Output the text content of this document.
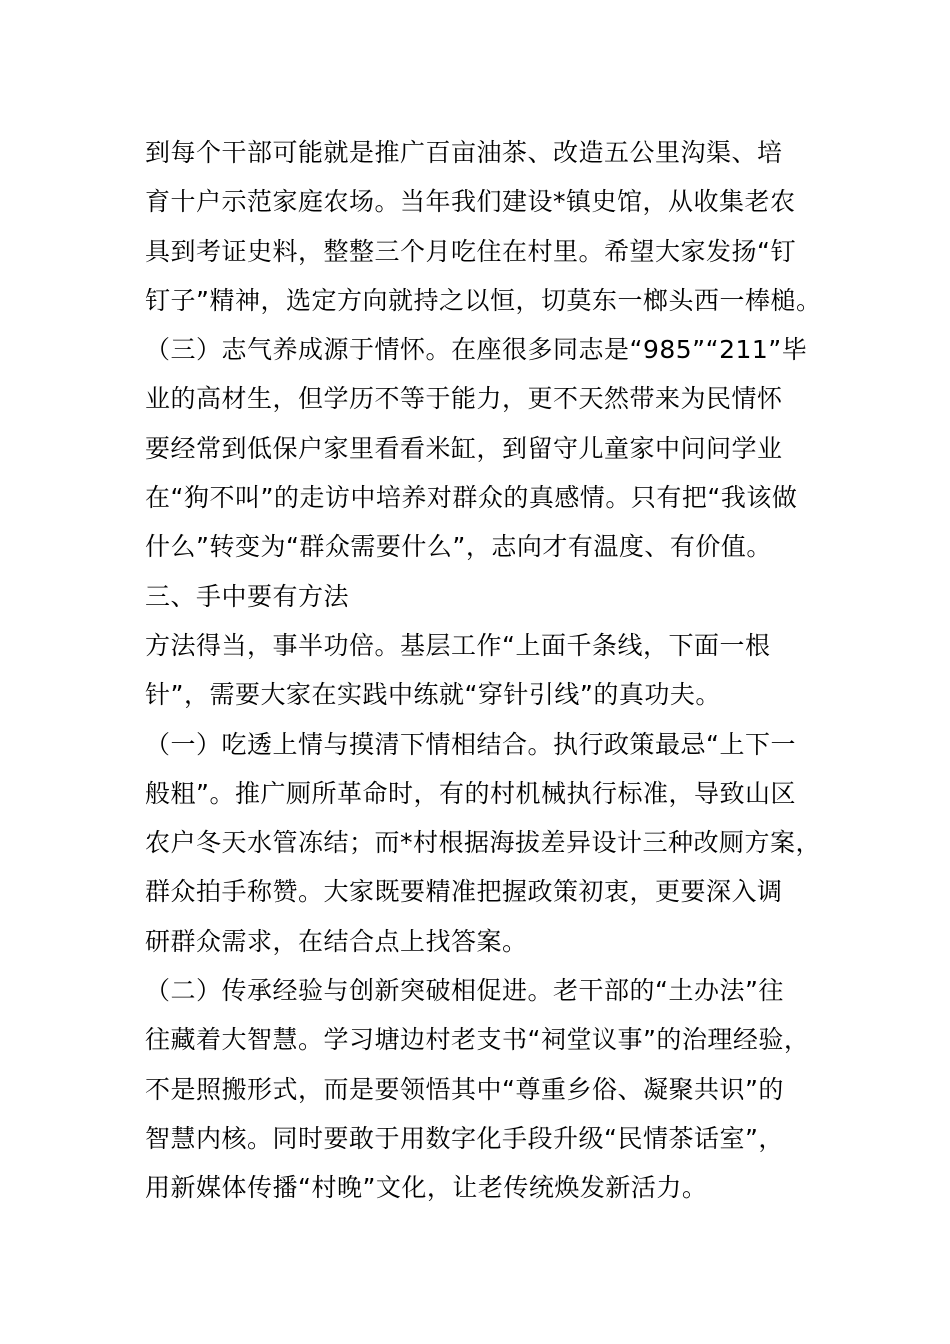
到每个干部可能就是推广百亩油茶、改造五公里沟渠、培
育十户示范家庭农场。当年我们建设*镇史馆，从收集老农
具到考证史料，整整三个月吃住在村里。希望大家发扬“钉
钉子”精神，选定方向就持之以恒，切莫东一榔头西一棒槌。
（三）志气养成源于情怀。在座很多同志是“985”“211”毕
业的高材生，但学历不等于能力，更不天然带来为民情怀
要经常到低保户家里看看米缸，到留守儿童家中问问学业
在“狗不叫”的走访中培养对群众的真感情。只有把“我该做
什么”转变为“群众需要什么”，志向才有温度、有价值。
三、手中要有方法
方法得当，事半功倍。基层工作“上面千条线，下面一根
针”，需要大家在实践中练就“穿针引线”的真功夫。
（一）吃透上情与摸清下情相结合。执行政策最忌“上下一
般粗”。推广厕所革命时，有的村机械执行标准，导致山区
农户冬天水管冻结；而*村根据海拔差异设计三种改厕方案，
群众拍手称赞。大家既要精准把握政策初衷，更要深入调
研群众需求，在结合点上找答案。
（二）传承经验与创新突破相促进。老干部的“土办法”往
往藏着大智慧。学习塘边村老支书“祠堂议事”的治理经验，
不是照搬形式，而是要领悟其中“尊重乡俗、凝聚共识”的
智慧内核。同时要敢于用数字化手段升级“民情茶话室”，
用新媒体传播“村晚”文化，让老传统焕发新活力。
